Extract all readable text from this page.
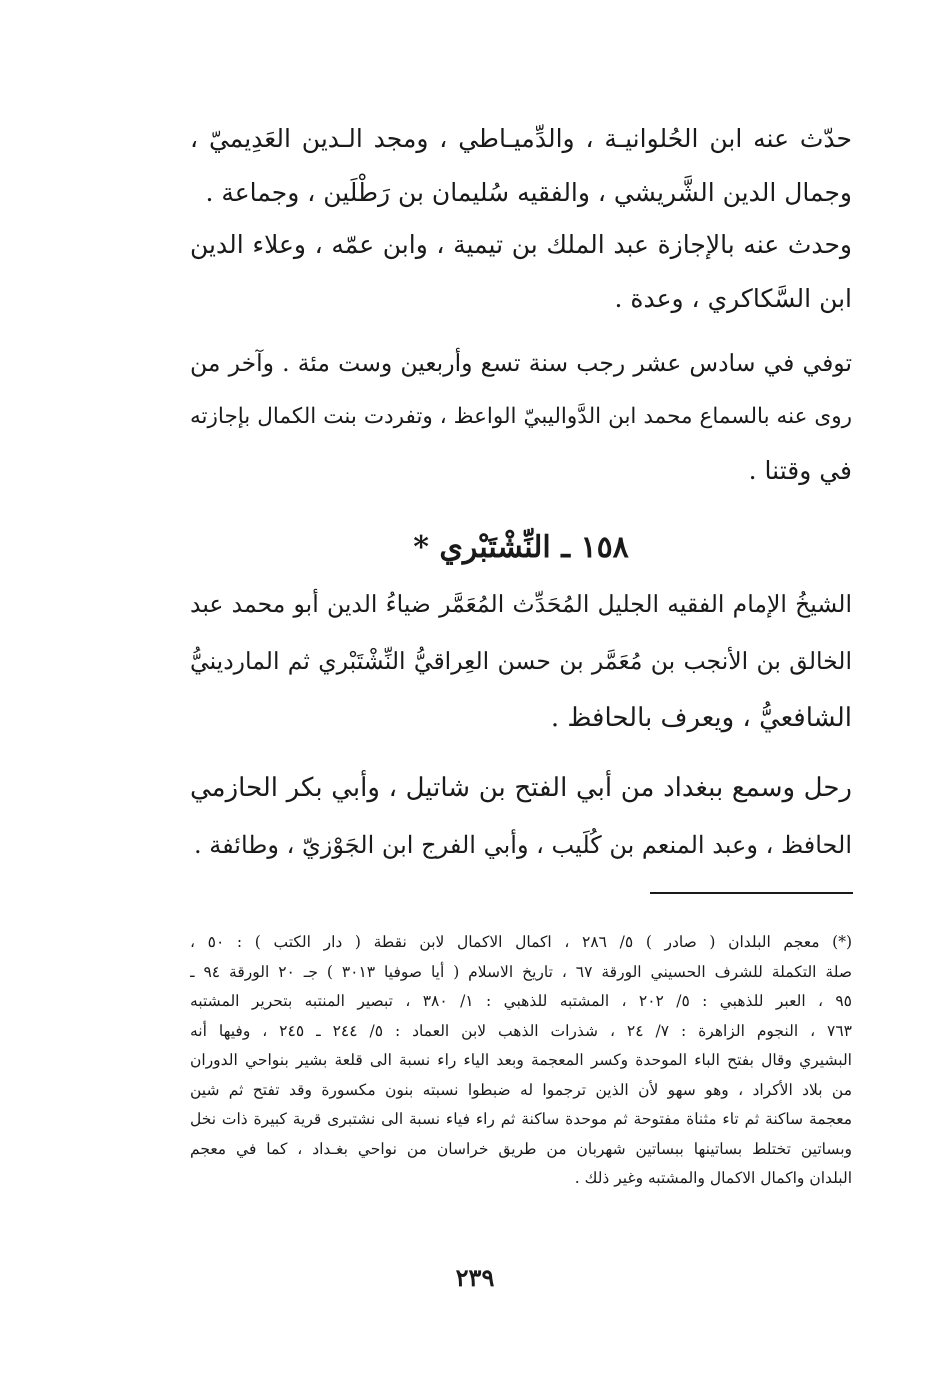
حدّث عنه ابن الحُلوانيـة ، والدِّميـاطي ، ومجد الـدين العَدِيميّ ،
وجمال الدين الشَّريشي ، والفقيه سُليمان بن رَطْلَين ، وجماعة .
وحدث عنه بالإجازة عبد الملك بن تيمية ، وابن عمّه ، وعلاء الدين
ابن السَّكاكري ، وعدة .
توفي في سادس عشر رجب سنة تسع وأربعين وست مئة . وآخر من
روى عنه بالسماع محمد ابن الدَّواليبيّ الواعظ ، وتفردت بنت الكمال بإجازته
في وقتنا .
١٥٨ ـ النِّشْتَبْري *
الشيخُ الإمام الفقيه الجليل المُحَدِّث المُعَمَّر ضياءُ الدين أبو محمد عبد
الخالق بن الأنجب بن مُعَمَّر بن حسن العِراقيُّ النِّشْتَبْري ثم الماردينيُّ
الشافعيُّ ، ويعرف بالحافظ .
رحل وسمع ببغداد من أبي الفتح بن شاتيل ، وأبي بكر الحازمي
الحافظ ، وعبد المنعم بن كُلَيب ، وأبي الفرج ابن الجَوْزيّ ، وطائفة .
(*) معجم البلدان ( صادر ) ٥/ ٢٨٦ ، اكمال الاكمال لابن نقطة ( دار الكتب ) : ٥٠ ،
صلة التكملة للشرف الحسيني الورقة ٦٧ ، تاريخ الاسلام ( أيا صوفيا ٣٠١٣ ) جـ ٢٠ الورقة ٩٤ ـ
٩٥ ، العبر للذهبي : ٥/ ٢٠٢ ، المشتبه للذهبي : ١/ ٣٨٠ ، تبصير المنتبه بتحرير المشتبه
٧٦٣ ، النجوم الزاهرة : ٧/ ٢٤ ، شذرات الذهب لابن العماد : ٥/ ٢٤٤ ـ ٢٤٥ ، وفيها أنه
البشيري وقال بفتح الباء الموحدة وكسر المعجمة وبعد الياء راء نسبة الى قلعة بشير بنواحي الدوران
من بلاد الأكراد ، وهو سهو لأن الذين ترجموا له ضبطوا نسبته بنون مكسورة وقد تفتح ثم شين
معجمة ساكنة ثم تاء مثناة مفتوحة ثم موحدة ساكنة ثم راء فياء نسبة الى نشتبرى قرية كبيرة ذات نخل
وبساتين تختلط بساتينها ببساتين شهربان من طريق خراسان من نواحي بغـداد ، كما في معجم
البلدان واكمال الاكمال والمشتبه وغير ذلك .
٢٣٩
